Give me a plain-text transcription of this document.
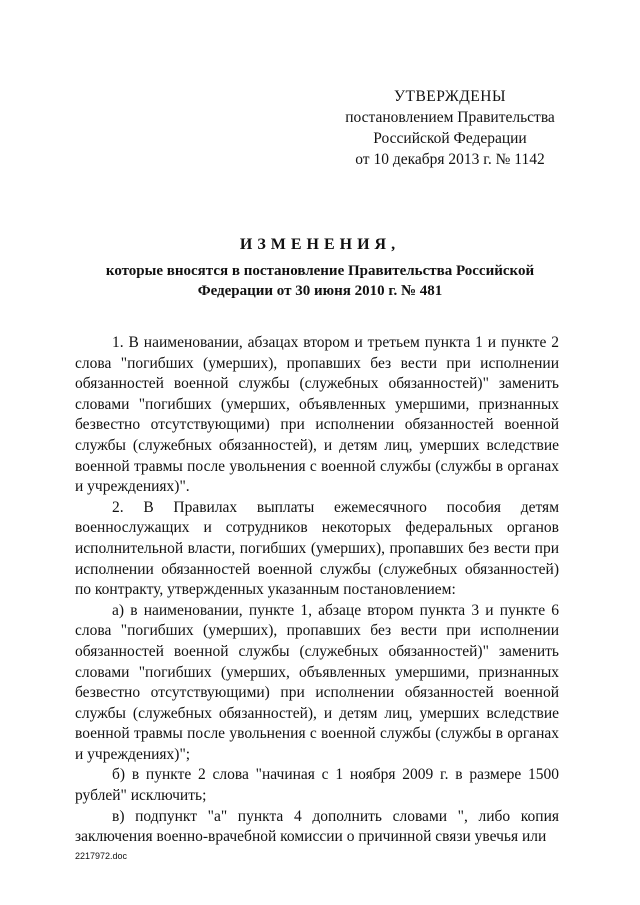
УТВЕРЖДЕНЫ
постановлением Правительства
Российской Федерации
от 10 декабря 2013 г. № 1142
ИЗМЕНЕНИЯ,
которые вносятся в постановление Правительства Российской
Федерации от 30 июня 2010 г. № 481

1. В наименовании, абзацах втором и третьем пункта 1 и пункте 2 слова "погибших (умерших), пропавших без вести при исполнении обязанностей военной службы (служебных обязанностей)" заменить словами "погибших (умерших, объявленных умершими, признанных безвестно отсутствующими) при исполнении обязанностей военной службы (служебных обязанностей), и детям лиц, умерших вследствие военной травмы после увольнения с военной службы (службы в органах и учреждениях)".

2. В Правилах выплаты ежемесячного пособия детям военнослужащих и сотрудников некоторых федеральных органов исполнительной власти, погибших (умерших), пропавших без вести при исполнении обязанностей военной службы (служебных обязанностей) по контракту, утвержденных указанным постановлением:

а) в наименовании, пункте 1, абзаце втором пункта 3 и пункте 6 слова "погибших (умерших), пропавших без вести при исполнении обязанностей военной службы (служебных обязанностей)" заменить словами "погибших (умерших, объявленных умершими, признанных безвестно отсутствующими) при исполнении обязанностей военной службы (служебных обязанностей), и детям лиц, умерших вследствие военной травмы после увольнения с военной службы (службы в органах и учреждениях)";

б) в пункте 2 слова "начиная с 1 ноября 2009 г. в размере 1500 рублей" исключить;

в) подпункт "а" пункта 4 дополнить словами ", либо копия заключения военно-врачебной комиссии о причинной связи увечья или

2217972.doc
